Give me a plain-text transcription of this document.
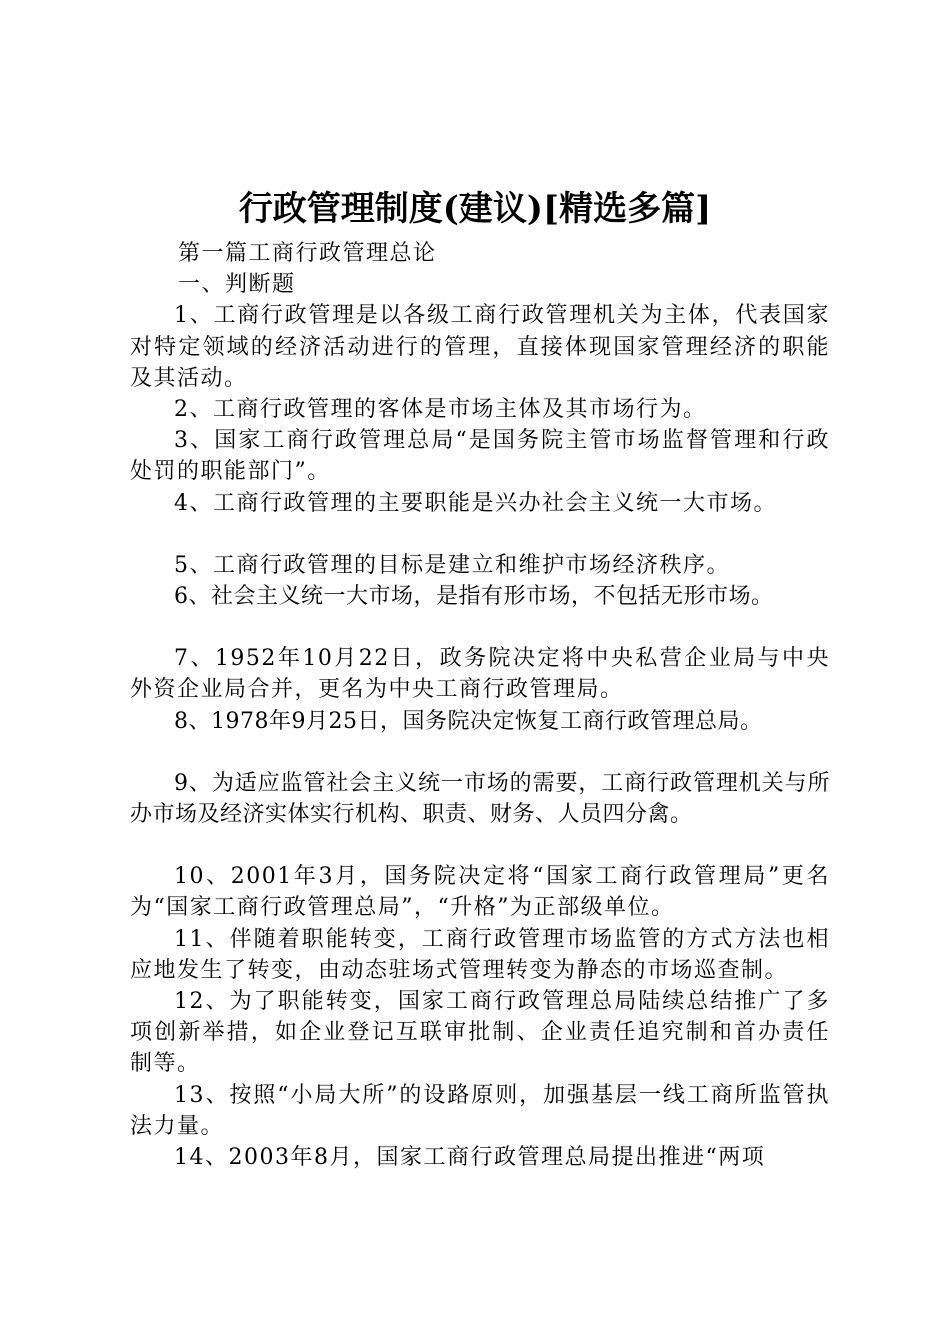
行政管理制度(建议)[精选多篇]

第一篇工商行政管理总论

一、判断题

1、工商行政管理是以各级工商行政管理机关为主体，代表国家对特定领域的经济活动进行的管理，直接体现国家管理经济的职能及其活动。

2、工商行政管理的客体是市场主体及其市场行为。

3、国家工商行政管理总局“是国务院主管市场监督管理和行政处罚的职能部门”。

4、工商行政管理的主要职能是兴办社会主义统一大市场。

5、工商行政管理的目标是建立和维护市场经济秩序。

6、社会主义统一大市场，是指有形市场，不包括无形市场。

7、1952年10月22日，政务院决定将中央私营企业局与中央外资企业局合并，更名为中央工商行政管理局。

8、1978年9月25日，国务院决定恢复工商行政管理总局。

9、为适应监管社会主义统一市场的需要，工商行政管理机关与所办市场及经济实体实行机构、职责、财务、人员四分禽。

10、2001年3月，国务院决定将“国家工商行政管理局”更名为“国家工商行政管理总局”，“升格”为正部级单位。

11、伴随着职能转变，工商行政管理市场监管的方式方法也相应地发生了转变，由动态驻场式管理转变为静态的市场巡查制。

12、为了职能转变，国家工商行政管理总局陆续总结推广了多项创新举措，如企业登记互联审批制、企业责任追究制和首办责任制等。

13、按照“小局大所”的设路原则，加强基层一线工商所监管执法力量。

14、2003年8月，国家工商行政管理总局提出推进“两项
